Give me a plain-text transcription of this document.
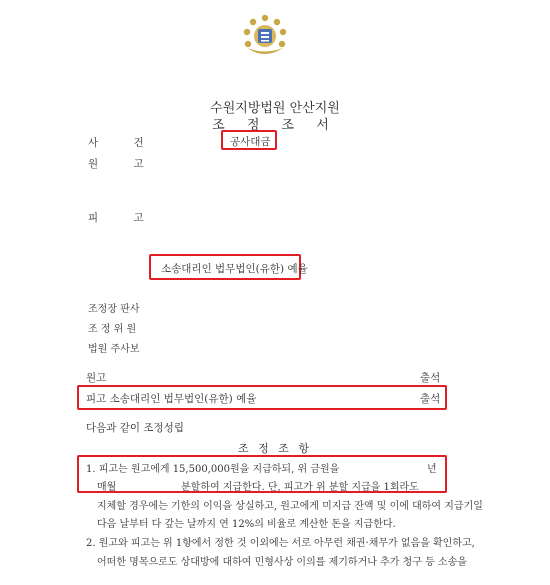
수원지방법원 안산지원
조 정 조 서
사 건	공사대금
원 고
피 고
소송대리인 법무법인(유한) 예율
조정장 판사
조 정 위 원
법원 주사보
원고	출석
피고 소송대리인 법무법인(유한) 예율	출석
다음과 같이 조정성립
조 정 조 항
1. 피고는 원고에게 15,500,000원을 지급하되, 위 금원을	년
매월	분할하여 지급한다. 단, 피고가 위 분할 지급을 1회라도
지체할 경우에는 기한의 이익을 상실하고, 원고에게 미지급 잔액 및 이에 대하여 지급기일
다음 날부터 다 갚는 날까지 연 12%의 비율로 계산한 돈을 지급한다.
2. 원고와 피고는 위 1항에서 정한 것 이외에는 서로 아무런 채권·채무가 없음을 확인하고,
어떠한 명목으로도 상대방에 대하여 민형사상 이의를 제기하거나 추가 청구 등 소송을
